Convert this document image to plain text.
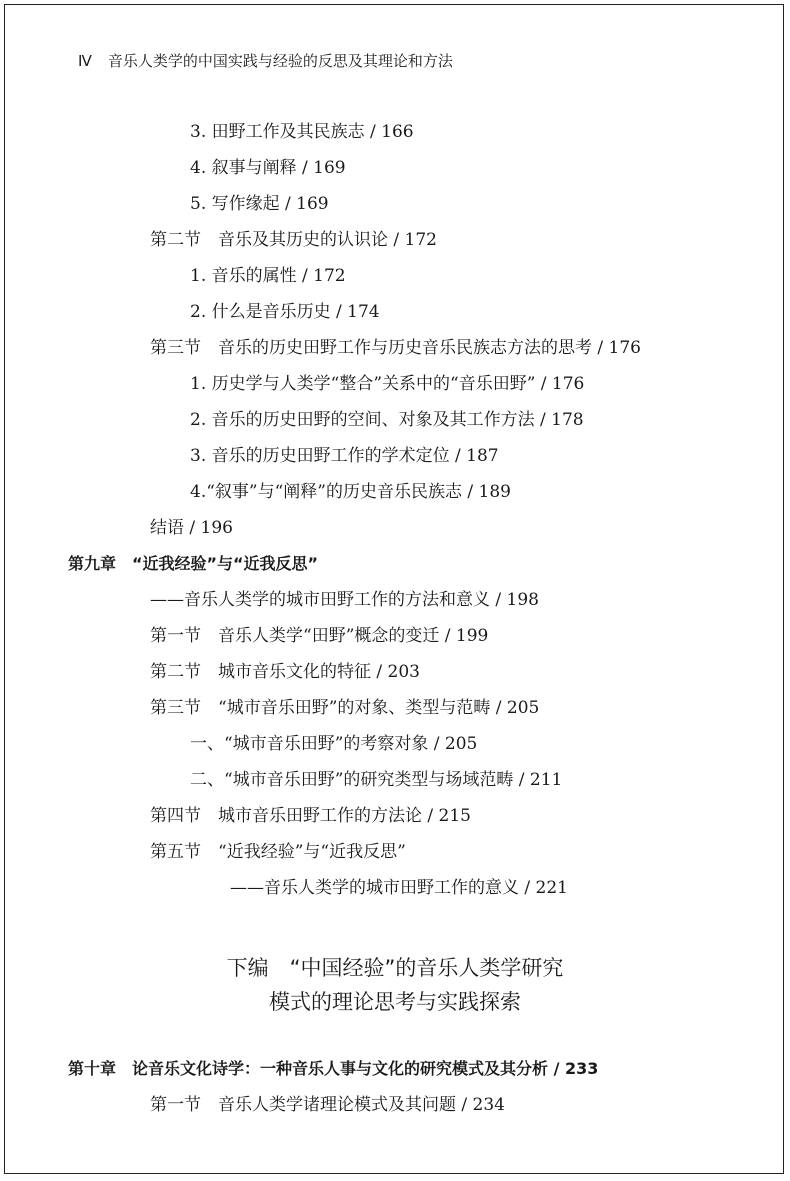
Ⅳ 音乐人类学的中国实践与经验的反思及其理论和方法
3. 田野工作及其民族志 / 166
4. 叙事与阐释 / 169
5. 写作缘起 / 169
第二节　音乐及其历史的认识论 / 172
1. 音乐的属性 / 172
2. 什么是音乐历史 / 174
第三节　音乐的历史田野工作与历史音乐民族志方法的思考 / 176
1. 历史学与人类学“整合”关系中的“音乐田野” / 176
2. 音乐的历史田野的空间、对象及其工作方法 / 178
3. 音乐的历史田野工作的学术定位 / 187
4.“叙事”与“阐释”的历史音乐民族志 / 189
结语 / 196
第九章　“近我经验”与“近我反思”
——音乐人类学的城市田野工作的方法和意义 / 198
第一节　音乐人类学“田野”概念的变迁 / 199
第二节　城市音乐文化的特征 / 203
第三节　“城市音乐田野”的对象、类型与范畴 / 205
一、“城市音乐田野”的考察对象 / 205
二、“城市音乐田野”的研究类型与场域范畴 / 211
第四节　城市音乐田野工作的方法论 / 215
第五节　“近我经验”与“近我反思”
——音乐人类学的城市田野工作的意义 / 221
下编　“中国经验”的音乐人类学研究
模式的理论思考与实践探索
第十章　论音乐文化诗学：一种音乐人事与文化的研究模式及其分析 / 233
第一节　音乐人类学诸理论模式及其问题 / 234
